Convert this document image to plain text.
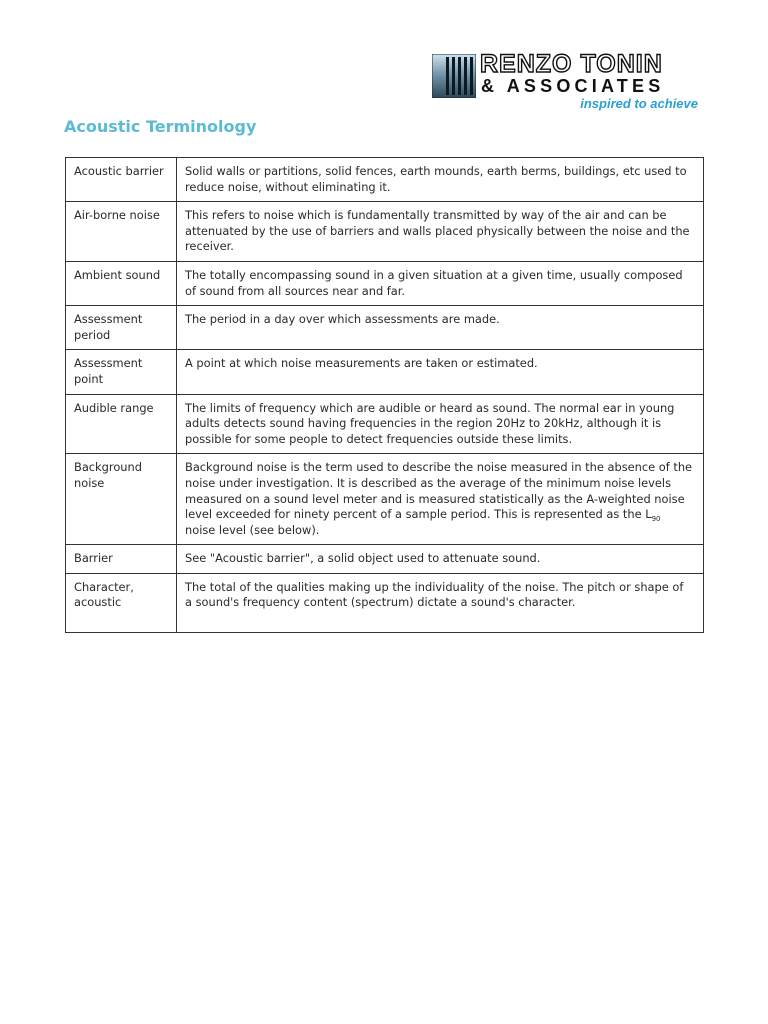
RENZO TONIN
& ASSOCIATES
inspired to achieve
Acoustic Terminology
Acoustic barrier	Solid walls or partitions, solid fences, earth mounds, earth berms, buildings, etc used to reduce noise, without eliminating it.
Air-borne noise	This refers to noise which is fundamentally transmitted by way of the air and can be attenuated by the use of barriers and walls placed physically between the noise and the receiver.
Ambient sound	The totally encompassing sound in a given situation at a given time, usually composed of sound from all sources near and far.
Assessment period	The period in a day over which assessments are made.
Assessment point	A point at which noise measurements are taken or estimated.
Audible range	The limits of frequency which are audible or heard as sound. The normal ear in young adults detects sound having frequencies in the region 20Hz to 20kHz, although it is possible for some people to detect frequencies outside these limits.
Background noise	Background noise is the term used to describe the noise measured in the absence of the noise under investigation. It is described as the average of the minimum noise levels measured on a sound level meter and is measured statistically as the A-weighted noise level exceeded for ninety percent of a sample period. This is represented as the $L_{90}$ noise level (see below).
Barrier	See "Acoustic barrier", a solid object used to attenuate sound.
Character, acoustic	The total of the qualities making up the individuality of the noise. The pitch or shape of a sound's frequency content (spectrum) dictate a sound's character.
